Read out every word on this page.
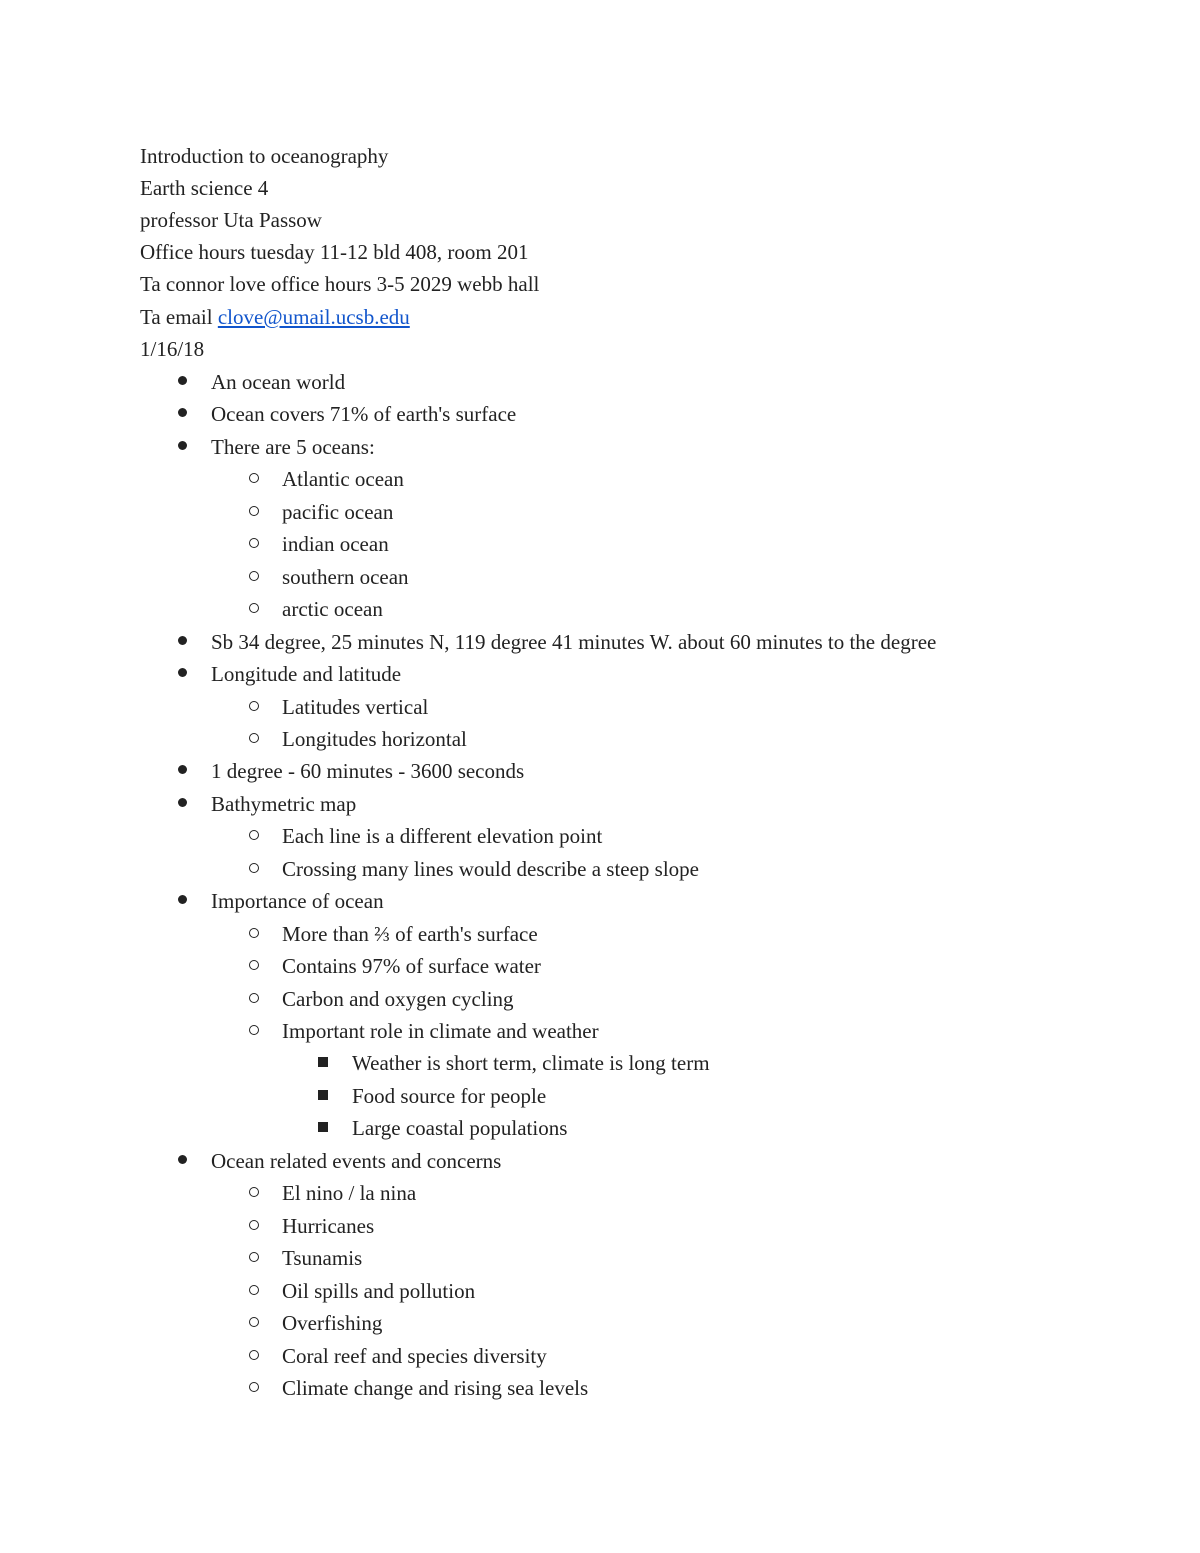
Introduction to oceanography
Earth science 4
professor Uta Passow
Office hours tuesday 11-12 bld 408, room 201
Ta connor love office hours 3-5 2029 webb hall
Ta email clove@umail.ucsb.edu
1/16/18
An ocean world
Ocean covers 71% of earth's surface
There are 5 oceans:
Atlantic ocean
pacific ocean
indian ocean
southern ocean
arctic ocean
Sb 34 degree, 25 minutes N, 119 degree 41 minutes W. about 60 minutes to the degree
Longitude and latitude
Latitudes vertical
Longitudes horizontal
1 degree - 60 minutes - 3600 seconds
Bathymetric map
Each line is a different elevation point
Crossing many lines would describe a steep slope
Importance of ocean
More than ⅔ of earth's surface
Contains 97% of surface water
Carbon and oxygen cycling
Important role in climate and weather
Weather is short term, climate is long term
Food source for people
Large coastal populations
Ocean related events and concerns
El nino / la nina
Hurricanes
Tsunamis
Oil spills and pollution
Overfishing
Coral reef and species diversity
Climate change and rising sea levels
